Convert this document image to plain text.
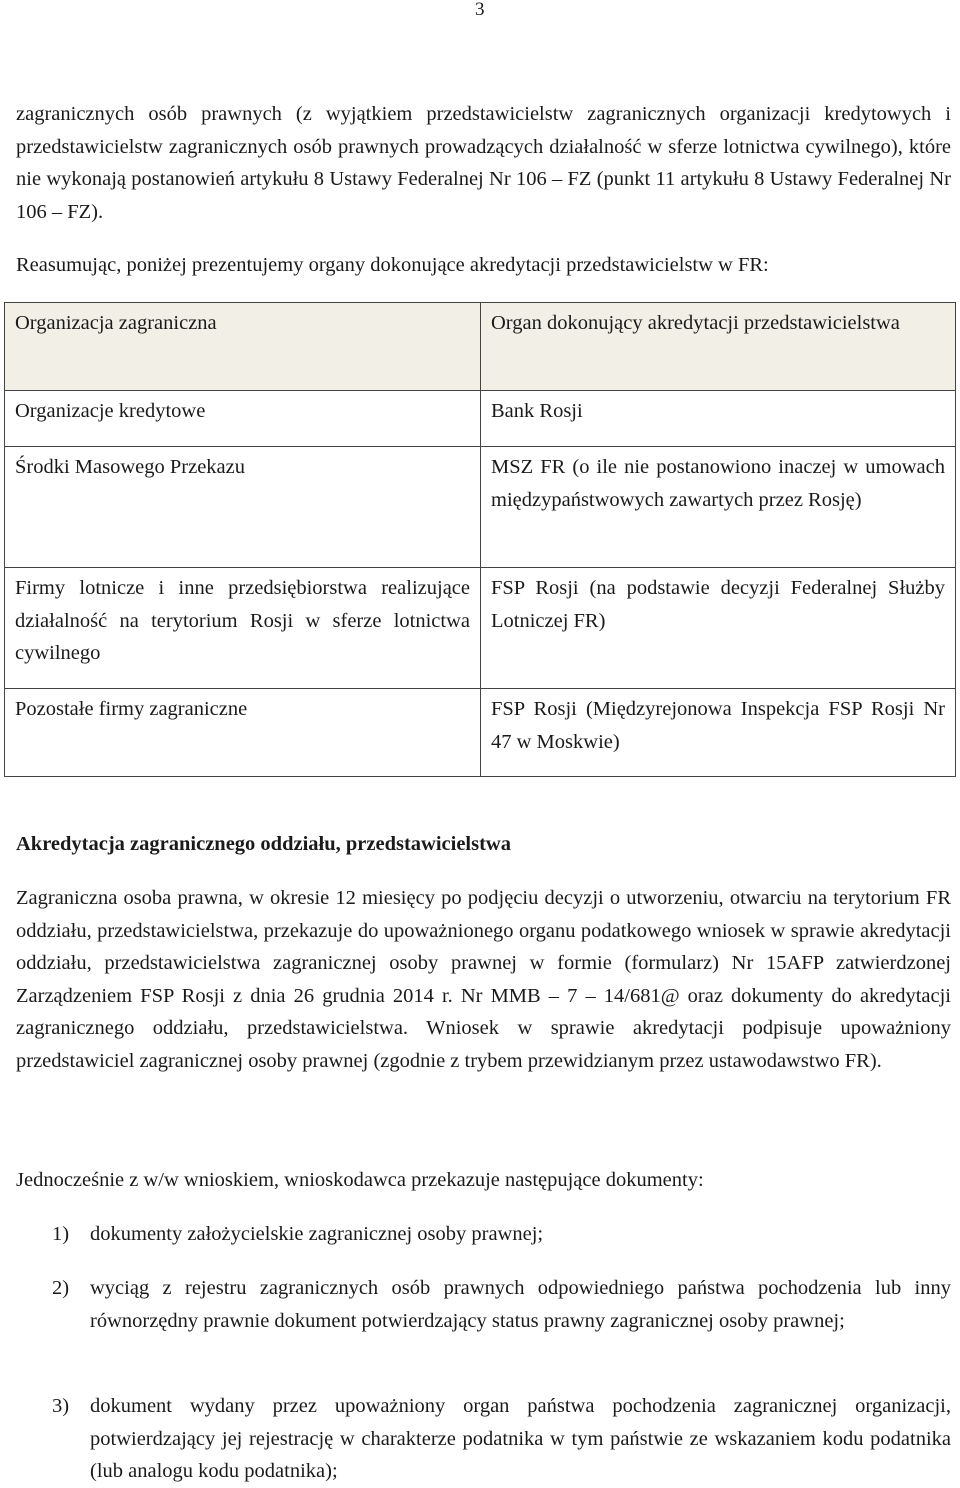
3

zagranicznych osób prawnych (z wyjątkiem przedstawicielstw zagranicznych organizacji kredytowych i przedstawicielstw zagranicznych osób prawnych prowadzących działalność w sferze lotnictwa cywilnego), które nie wykonają postanowień artykułu 8 Ustawy Federalnej Nr 106 – FZ (punkt 11 artykułu 8 Ustawy Federalnej Nr 106 – FZ).

Reasumując, poniżej prezentujemy organy dokonujące akredytacji przedstawicielstw w FR:

Organizacja zagraniczna	Organ dokonujący akredytacji przedstawicielstwa
Organizacje kredytowe	Bank Rosji
Środki Masowego Przekazu	MSZ FR (o ile nie postanowiono inaczej w umowach międzypaństwowych zawartych przez Rosję)
Firmy lotnicze i inne przedsiębiorstwa realizujące działalność na terytorium Rosji w sferze lotnictwa cywilnego	FSP Rosji (na podstawie decyzji Federalnej Służby Lotniczej FR)
Pozostałe firmy zagraniczne	FSP Rosji (Międzyrejonowa Inspekcja FSP Rosji Nr 47 w Moskwie)

Akredytacja zagranicznego oddziału, przedstawicielstwa

Zagraniczna osoba prawna, w okresie 12 miesięcy po podjęciu decyzji o utworzeniu, otwarciu na terytorium FR oddziału, przedstawicielstwa, przekazuje do upoważnionego organu podatkowego wniosek w sprawie akredytacji oddziału, przedstawicielstwa zagranicznej osoby prawnej w formie (formularz) Nr 15AFP zatwierdzonej Zarządzeniem FSP Rosji z dnia 26 grudnia 2014 r. Nr MMB – 7 – 14/681@ oraz dokumenty do akredytacji zagranicznego oddziału, przedstawicielstwa. Wniosek w sprawie akredytacji podpisuje upoważniony przedstawiciel zagranicznej osoby prawnej (zgodnie z trybem przewidzianym przez ustawodawstwo FR).

Jednocześnie z w/w wnioskiem, wnioskodawca przekazuje następujące dokumenty:

1) dokumenty założycielskie zagranicznej osoby prawnej;
2) wyciąg z rejestru zagranicznych osób prawnych odpowiedniego państwa pochodzenia lub inny równorzędny prawnie dokument potwierdzający status prawny zagranicznej osoby prawnej;
3) dokument wydany przez upoważniony organ państwa pochodzenia zagranicznej organizacji, potwierdzający jej rejestrację w charakterze podatnika w tym państwie ze wskazaniem kodu podatnika (lub analogu kodu podatnika);
